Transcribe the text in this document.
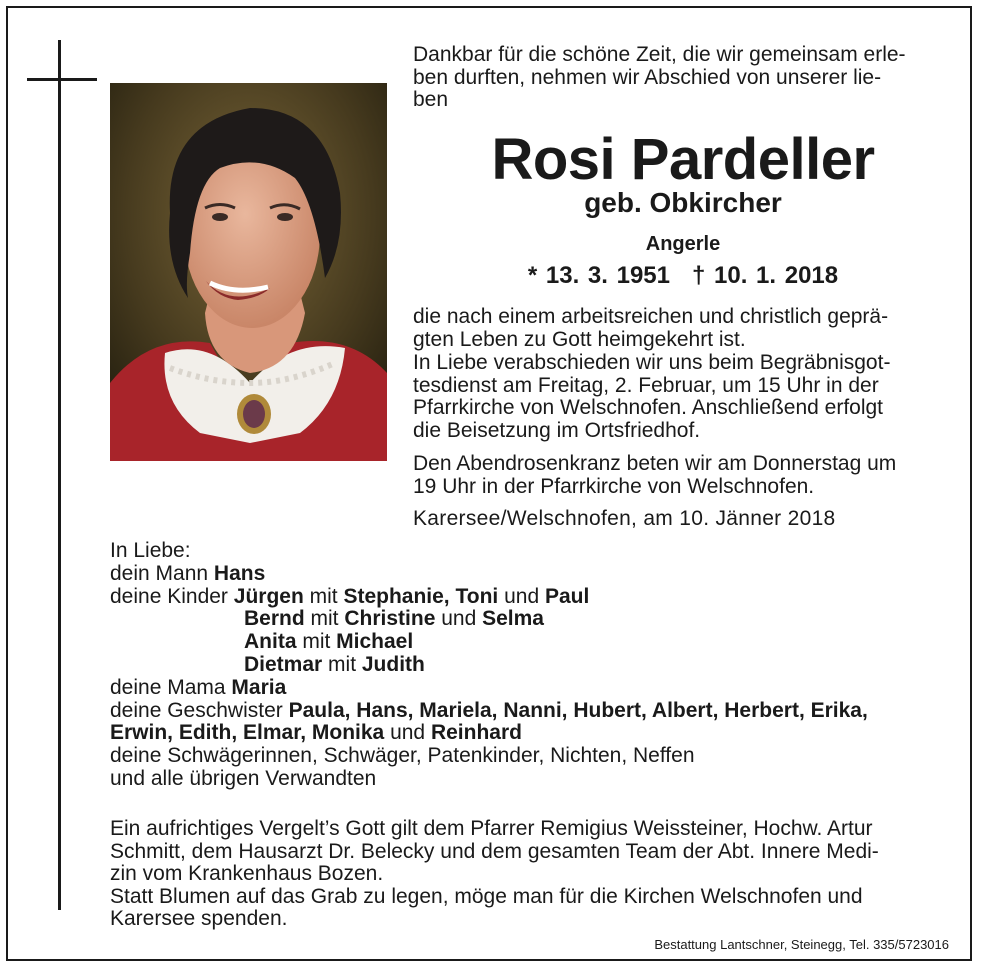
Dankbar für die schöne Zeit, die wir gemeinsam erle-
ben durften, nehmen wir Abschied von unserer lie-
ben
Rosi Pardeller
geb. Obkircher
Angerle
* 13. 3. 1951 † 10. 1. 2018
die nach einem arbeitsreichen und christlich geprä-
gten Leben zu Gott heimgekehrt ist.
In Liebe verabschieden wir uns beim Begräbnisgot-
tesdienst am Freitag, 2. Februar, um 15 Uhr in der
Pfarrkirche von Welschnofen. Anschließend erfolgt
die Beisetzung im Ortsfriedhof.
Den Abendrosenkranz beten wir am Donnerstag um
19 Uhr in der Pfarrkirche von Welschnofen.
Karersee/Welschnofen, am 10. Jänner 2018
In Liebe:
dein Mann Hans
deine Kinder Jürgen mit Stephanie, Toni und Paul
Bernd mit Christine und Selma
Anita mit Michael
Dietmar mit Judith
deine Mama Maria
deine Geschwister Paula, Hans, Mariela, Nanni, Hubert, Albert, Herbert, Erika,
Erwin, Edith, Elmar, Monika und Reinhard
deine Schwägerinnen, Schwäger, Patenkinder, Nichten, Neffen
und alle übrigen Verwandten
Ein aufrichtiges Vergelt’s Gott gilt dem Pfarrer Remigius Weissteiner, Hochw. Artur
Schmitt, dem Hausarzt Dr. Belecky und dem gesamten Team der Abt. Innere Medi-
zin vom Krankenhaus Bozen.
Statt Blumen auf das Grab zu legen, möge man für die Kirchen Welschnofen und
Karersee spenden.
Bestattung Lantschner, Steinegg, Tel. 335/5723016
